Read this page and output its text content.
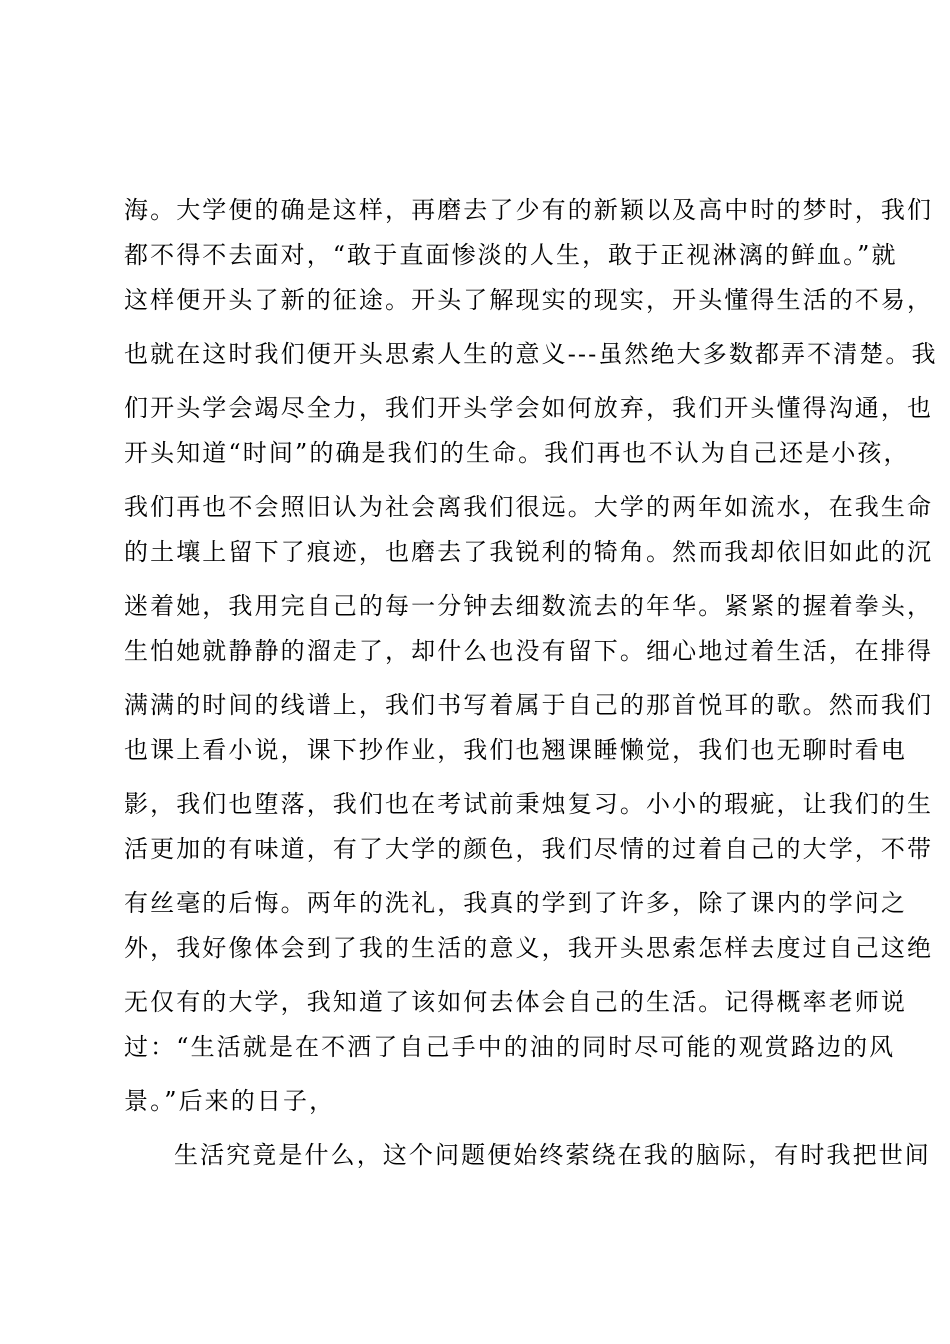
海。大学便的确是这样，再磨去了少有的新颖以及高中时的梦时，我们
都不得不去面对，“敢于直面惨淡的人生，敢于正视淋漓的鲜血。”就
这样便开头了新的征途。开头了解现实的现实，开头懂得生活的不易，
也就在这时我们便开头思索人生的意义---虽然绝大多数都弄不清楚。我
们开头学会竭尽全力，我们开头学会如何放弃，我们开头懂得沟通，也
开头知道“时间”的确是我们的生命。我们再也不认为自己还是小孩，
我们再也不会照旧认为社会离我们很远。大学的两年如流水，在我生命
的土壤上留下了痕迹，也磨去了我锐利的犄角。然而我却依旧如此的沉
迷着她，我用完自己的每一分钟去细数流去的年华。紧紧的握着拳头，
生怕她就静静的溜走了，却什么也没有留下。细心地过着生活，在排得
满满的时间的线谱上，我们书写着属于自己的那首悦耳的歌。然而我们
也课上看小说，课下抄作业，我们也翘课睡懒觉，我们也无聊时看电
影，我们也堕落，我们也在考试前秉烛复习。小小的瑕疵，让我们的生
活更加的有味道，有了大学的颜色，我们尽情的过着自己的大学，不带
有丝毫的后悔。两年的洗礼，我真的学到了许多，除了课内的学问之
外，我好像体会到了我的生活的意义，我开头思索怎样去度过自己这绝
无仅有的大学，我知道了该如何去体会自己的生活。记得概率老师说
过：“生活就是在不洒了自己手中的油的同时尽可能的观赏路边的风
景。”后来的日子，
生活究竟是什么，这个问题便始终萦绕在我的脑际，有时我把世间
